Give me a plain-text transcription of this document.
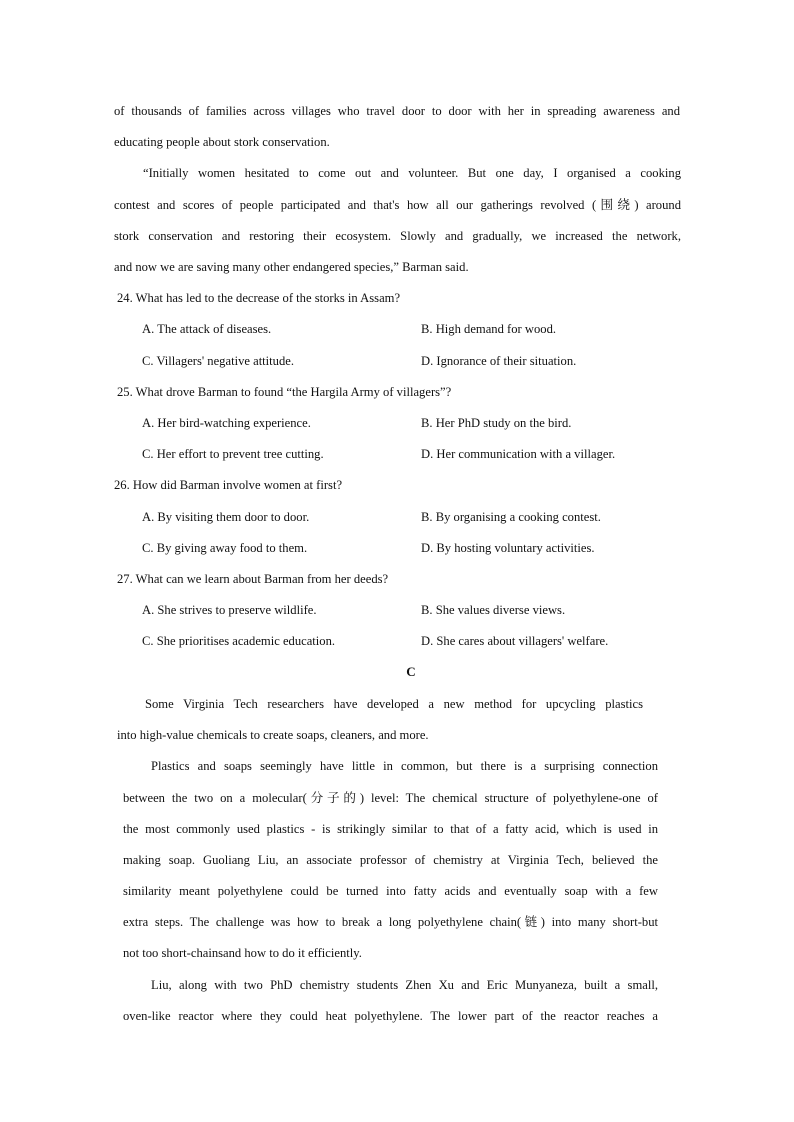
of thousands of families across villages who travel door to door with her in spreading awareness and
educating people about stork conservation.
“Initially women hesitated to come out and volunteer. But one day, I organised a cooking
contest and scores of people participated and that's how all our gatherings revolved (围绕) around
stork conservation and restoring their ecosystem. Slowly and gradually, we increased the network,
and now we are saving many other endangered species,” Barman said.
24. What has led to the decrease of the storks in Assam?
A. The attack of diseases.	B. High demand for wood.
C. Villagers' negative attitude.	D. Ignorance of their situation.
25. What drove Barman to found “the Hargila Army of villagers”?
A. Her bird-watching experience.	B. Her PhD study on the bird.
C. Her effort to prevent tree cutting.	D. Her communication with a villager.
26. How did Barman involve women at first?
A. By visiting them door to door.	B. By organising a cooking contest.
C. By giving away food to them.	D. By hosting voluntary activities.
27. What can we learn about Barman from her deeds?
A. She strives to preserve wildlife.	B. She values diverse views.
C. She prioritises academic education.	D. She cares about villagers' welfare.
C
Some Virginia Tech researchers have developed a new method for upcycling plastics
into high-value chemicals to create soaps, cleaners, and more.
Plastics and soaps seemingly have little in common, but there is a surprising connection
between the two on a molecular(分子的) level: The chemical structure of polyethylene-one of
the most commonly used plastics - is strikingly similar to that of a fatty acid, which is used in
making soap. Guoliang Liu, an associate professor of chemistry at Virginia Tech, believed the
similarity meant polyethylene could be turned into fatty acids and eventually soap with a few
extra steps. The challenge was how to break a long polyethylene chain(链) into many short-but
not too short-chainsand how to do it efficiently.
Liu, along with two PhD chemistry students Zhen Xu and Eric Munyaneza, built a small,
oven-like reactor where they could heat polyethylene. The lower part of the reactor reaches a
